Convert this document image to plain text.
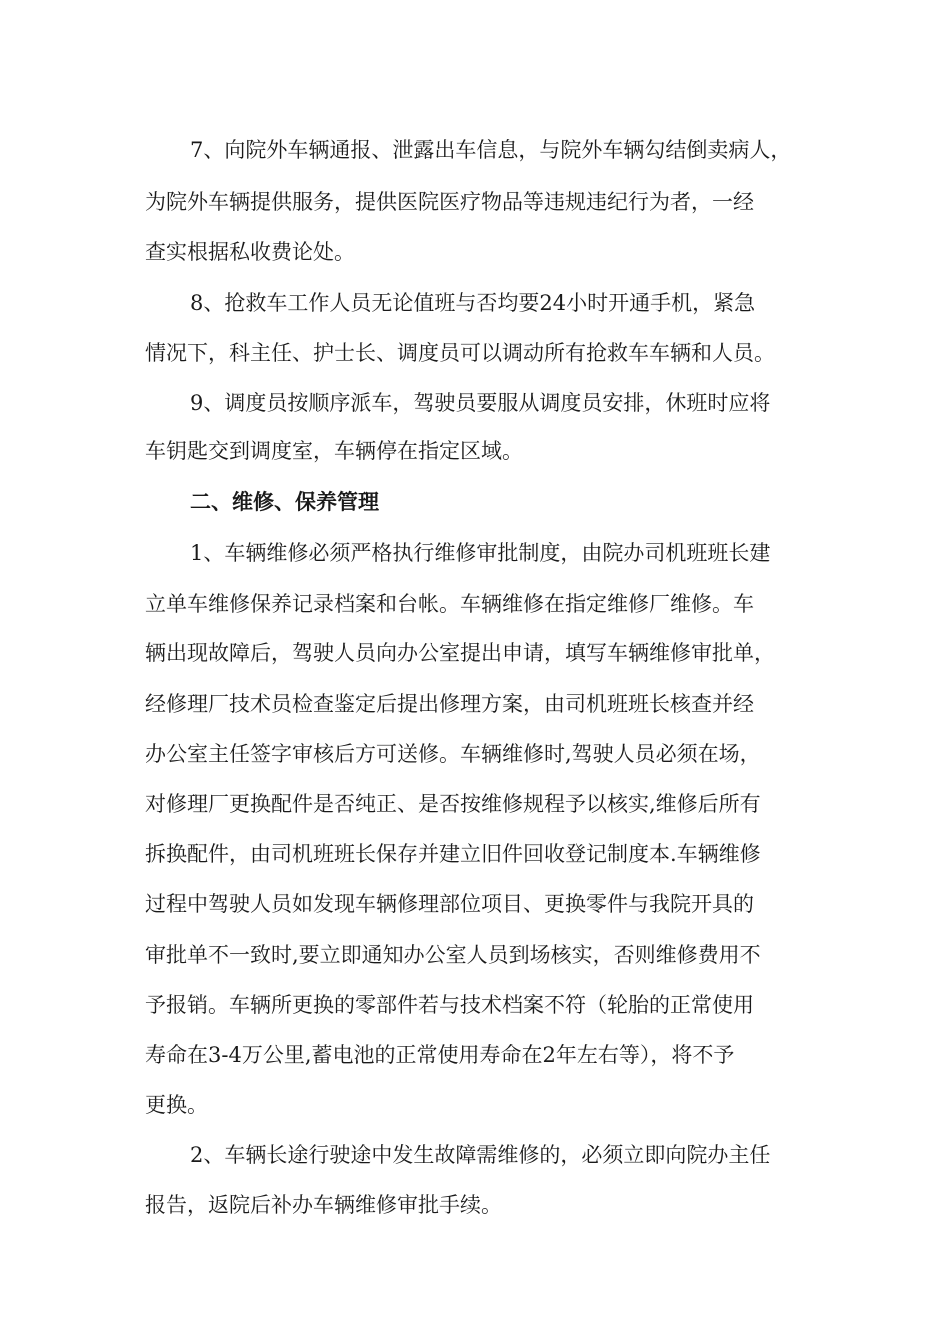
7、向院外车辆通报、泄露出车信息，与院外车辆勾结倒卖病人，
为院外车辆提供服务，提供医院医疗物品等违规违纪行为者，一经
查实根据私收费论处。
8、抢救车工作人员无论值班与否均要24小时开通手机，紧急
情况下，科主任、护士长、调度员可以调动所有抢救车车辆和人员。
9、调度员按顺序派车，驾驶员要服从调度员安排，休班时应将
车钥匙交到调度室，车辆停在指定区域。
二、维修、保养管理
1、车辆维修必须严格执行维修审批制度，由院办司机班班长建
立单车维修保养记录档案和台帐。车辆维修在指定维修厂维修。车
辆出现故障后，驾驶人员向办公室提出申请，填写车辆维修审批单，
经修理厂技术员检查鉴定后提出修理方案，由司机班班长核查并经
办公室主任签字审核后方可送修。车辆维修时,驾驶人员必须在场，
对修理厂更换配件是否纯正、是否按维修规程予以核实,维修后所有
拆换配件，由司机班班长保存并建立旧件回收登记制度本.车辆维修
过程中驾驶人员如发现车辆修理部位项目、更换零件与我院开具的
审批单不一致时,要立即通知办公室人员到场核实，否则维修费用不
予报销。车辆所更换的零部件若与技术档案不符（轮胎的正常使用
寿命在3-4万公里,蓄电池的正常使用寿命在2年左右等），将不予
更换。
2、车辆长途行驶途中发生故障需维修的，必须立即向院办主任
报告，返院后补办车辆维修审批手续。
